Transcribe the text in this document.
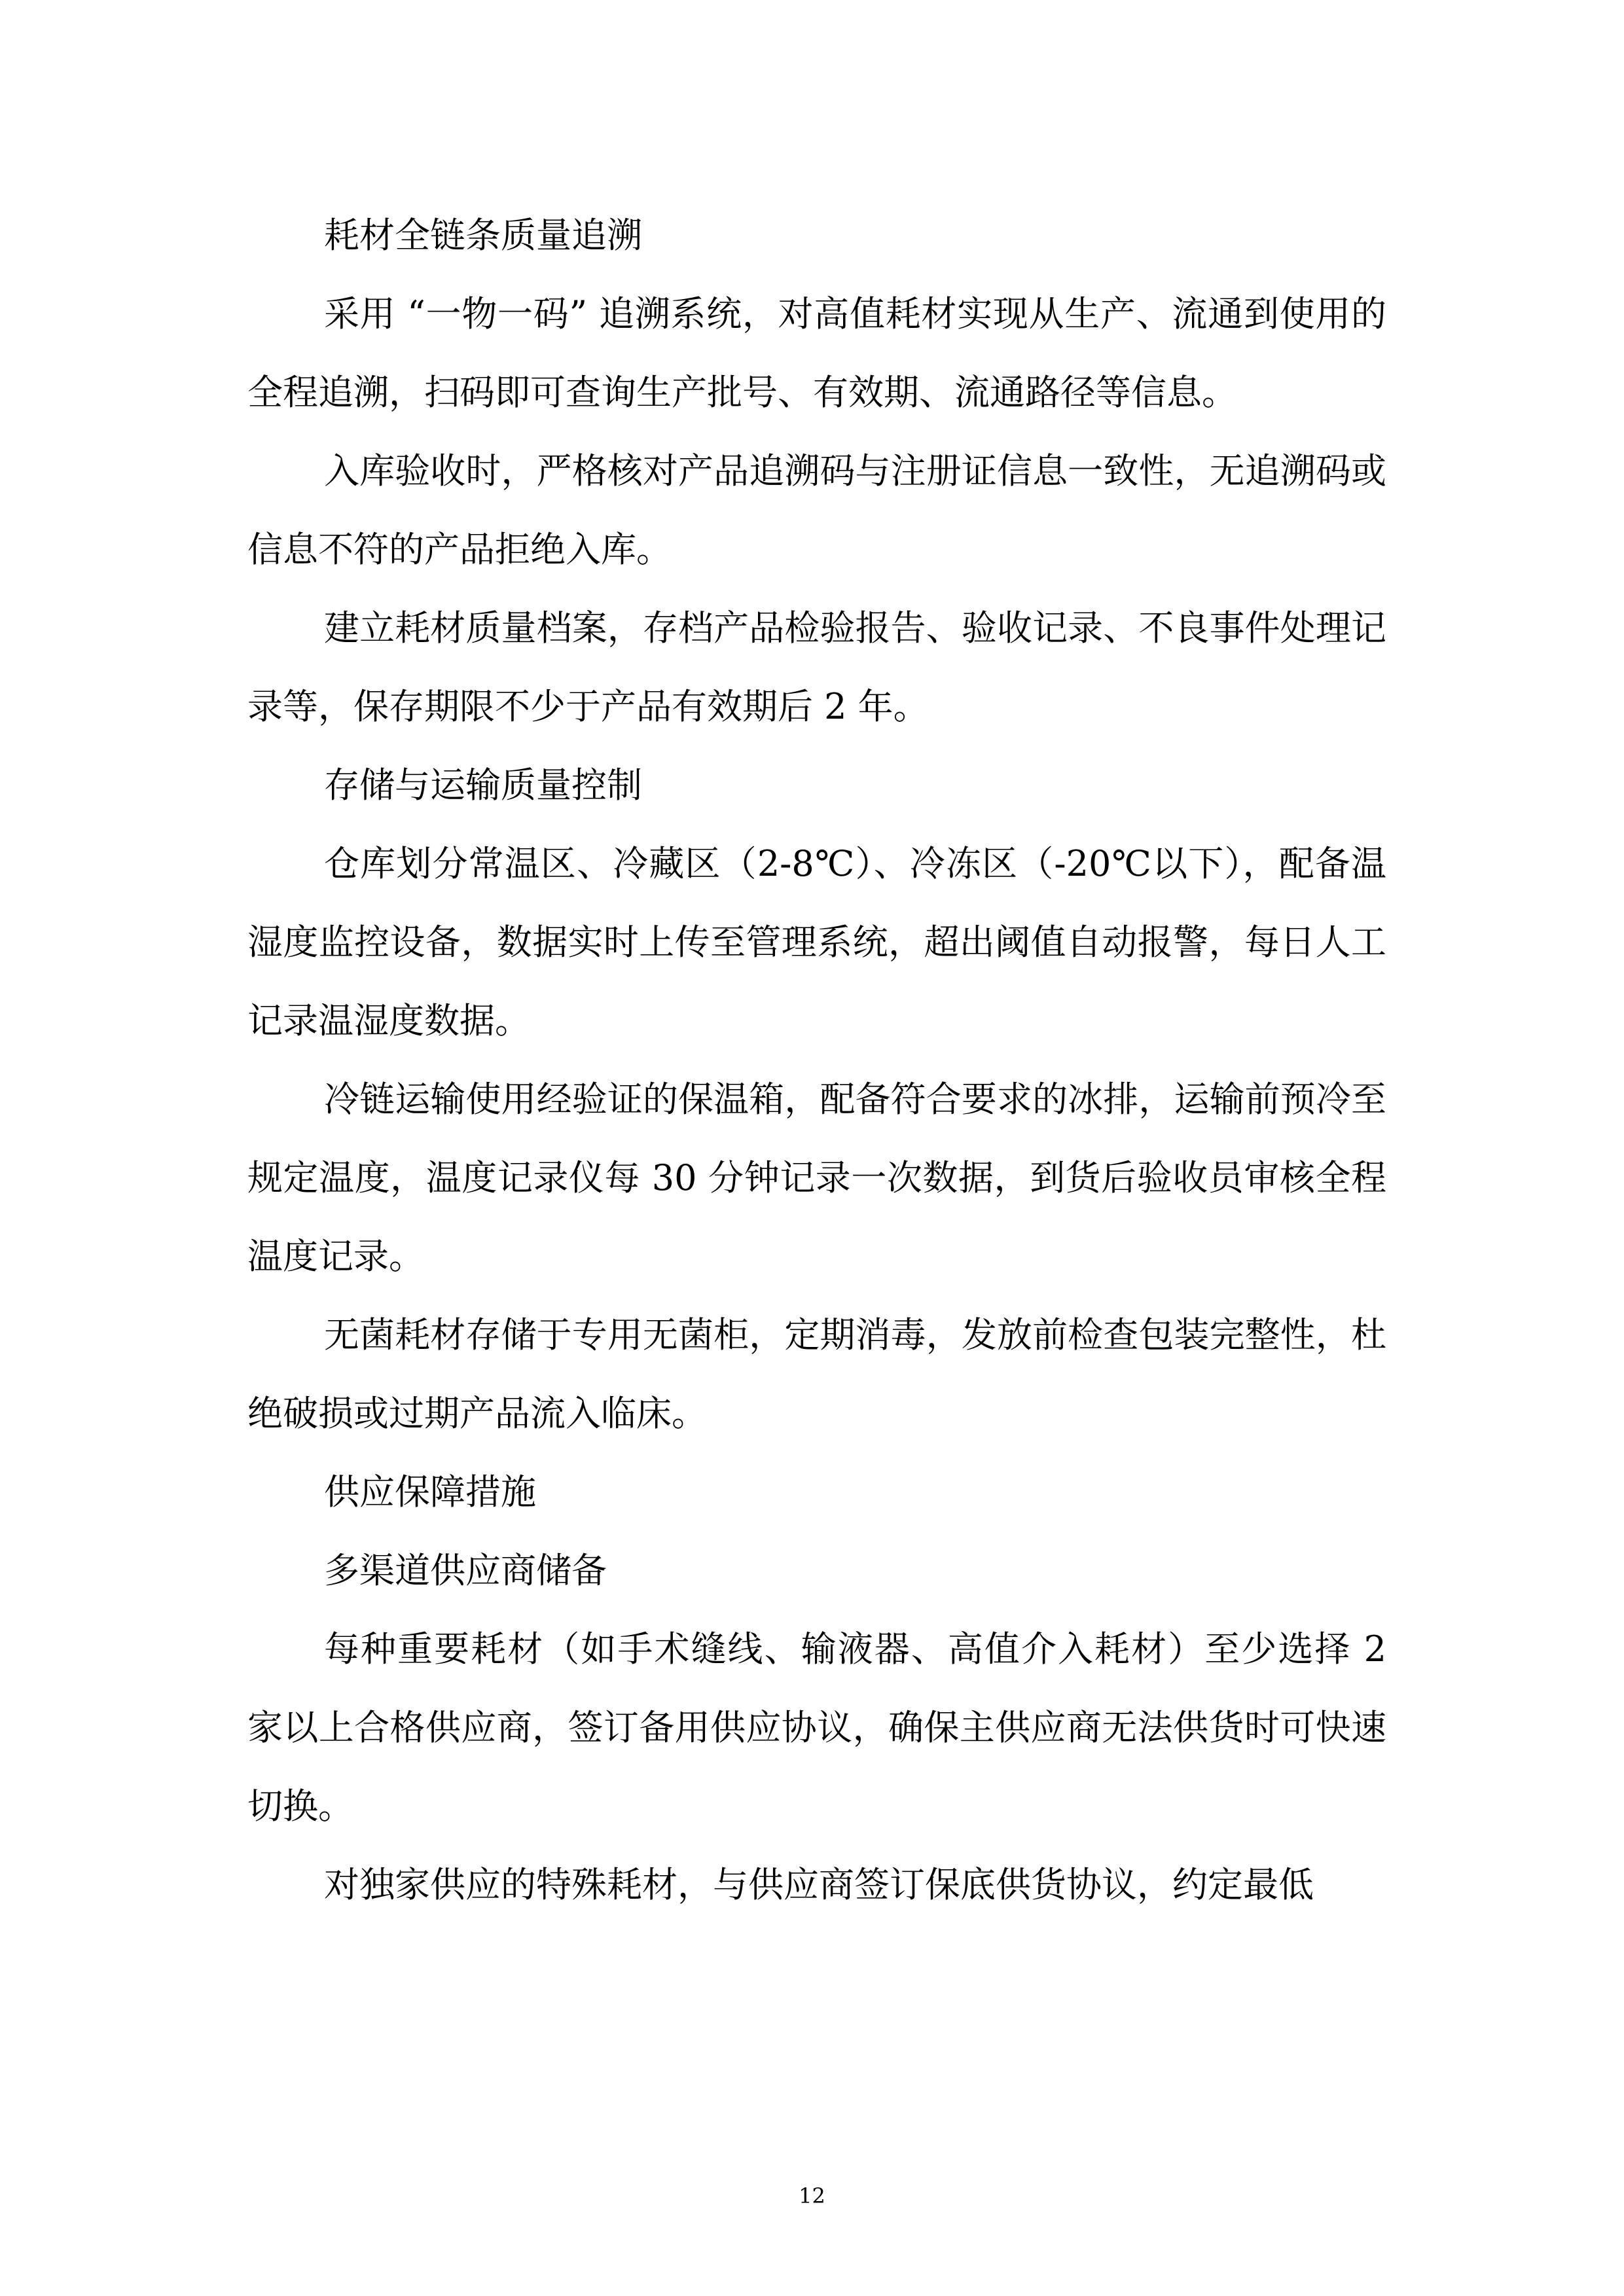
耗材全链条质量追溯

采用 “一物一码” 追溯系统，对高值耗材实现从生产、流通到使用的全程追溯，扫码即可查询生产批号、有效期、流通路径等信息。

入库验收时，严格核对产品追溯码与注册证信息一致性，无追溯码或信息不符的产品拒绝入库。

建立耗材质量档案，存档产品检验报告、验收记录、不良事件处理记录等，保存期限不少于产品有效期后 2 年。

存储与运输质量控制

仓库划分常温区、冷藏区（2-8℃）、冷冻区（-20℃以下），配备温湿度监控设备，数据实时上传至管理系统，超出阈值自动报警，每日人工记录温湿度数据。

冷链运输使用经验证的保温箱，配备符合要求的冰排，运输前预冷至规定温度，温度记录仪每 30 分钟记录一次数据，到货后验收员审核全程温度记录。

无菌耗材存储于专用无菌柜，定期消毒，发放前检查包装完整性，杜绝破损或过期产品流入临床。

供应保障措施

多渠道供应商储备

每种重要耗材（如手术缝线、输液器、高值介入耗材）至少选择 2 家以上合格供应商，签订备用供应协议，确保主供应商无法供货时可快速切换。

对独家供应的特殊耗材，与供应商签订保底供货协议，约定最低

12
